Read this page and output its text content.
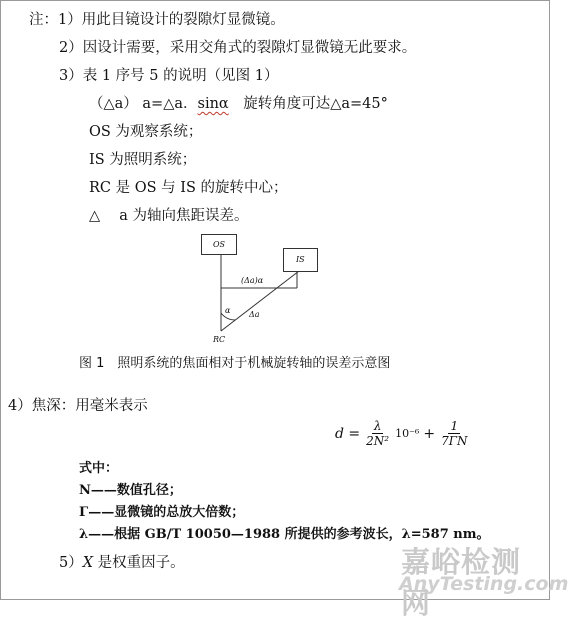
注：1）用此目镜设计的裂隙灯显微镜。
2）因设计需要，采用交角式的裂隙灯显微镜无此要求。
3）表 1 序号 5 的说明（见图 1）
（△a） a=△a．sinα　 旋转角度可达△a=45°
OS 为观察系统；
IS 为照明系统；
RC 是 OS 与 IS 的旋转中心；
△　 a 为轴向焦距误差。
OS
IS
(Δa)α
α Δa
RC
图 1　照明系统的焦面相对于机械旋转轴的误差示意图
4）焦深：用毫米表示
$d = \frac{\lambda}{\text{2N²}} 10^{-6} + \frac{1}{7\Gamma N}$
式中：
N——数值孔径；
Γ——显微镜的总放大倍数；
λ——根据 GB/T 10050—1988 所提供的参考波长，λ=587 nm。
5）X 是权重因子。	嘉峪检测网
AnyTesting.com
